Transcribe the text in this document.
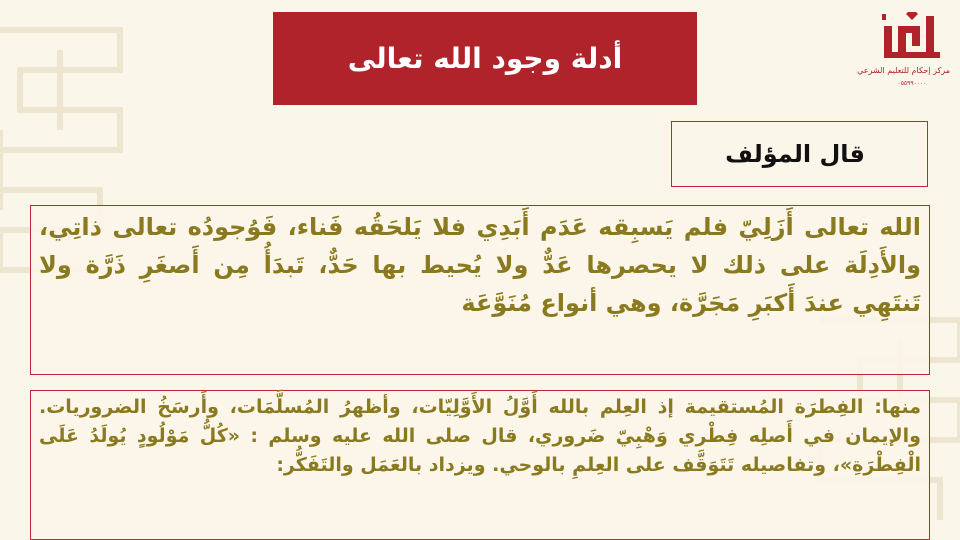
أدلة وجود الله تعالى	مركز إحكام للتعليم الشرعي
٠٥٥٩٩٠٠٠٠
قال المؤلف

الله تعالى أَزَلِيّ فلم يَسبِقه عَدَم أَبَدِي فلا يَلحَقُه فَناء، فَوُجودُه تعالى ذاتِي، والأَدِلَة على ذلك لا يحصرها عَدٌّ ولا يُحيط بها حَدٌّ، تَبدَأُ مِن أَصغَرِ ذَرَّة ولا تَنتَهِي عندَ أَكبَرِ مَجَرَّة، وهي أنواع مُنَوَّعَة

منها: الفِطرَة المُستقيمة إذ العِلم بالله أَوَّلُ الأَوَّلِيّات، وأظهرُ المُسلَّمَات، وأَرسَخُ الضروريات. والإيمان في أَصلِه فِطْري وَهْبِيّ ضَروري، قال صلى الله عليه وسلم : «كُلُّ مَوْلُودٍ يُولَدُ عَلَى الْفِطْرَةِ»، وتفاصيله تَتَوَقَّف على العِلمِ بالوحي. ويزداد بالعَمَل والتَفَكُّر:
